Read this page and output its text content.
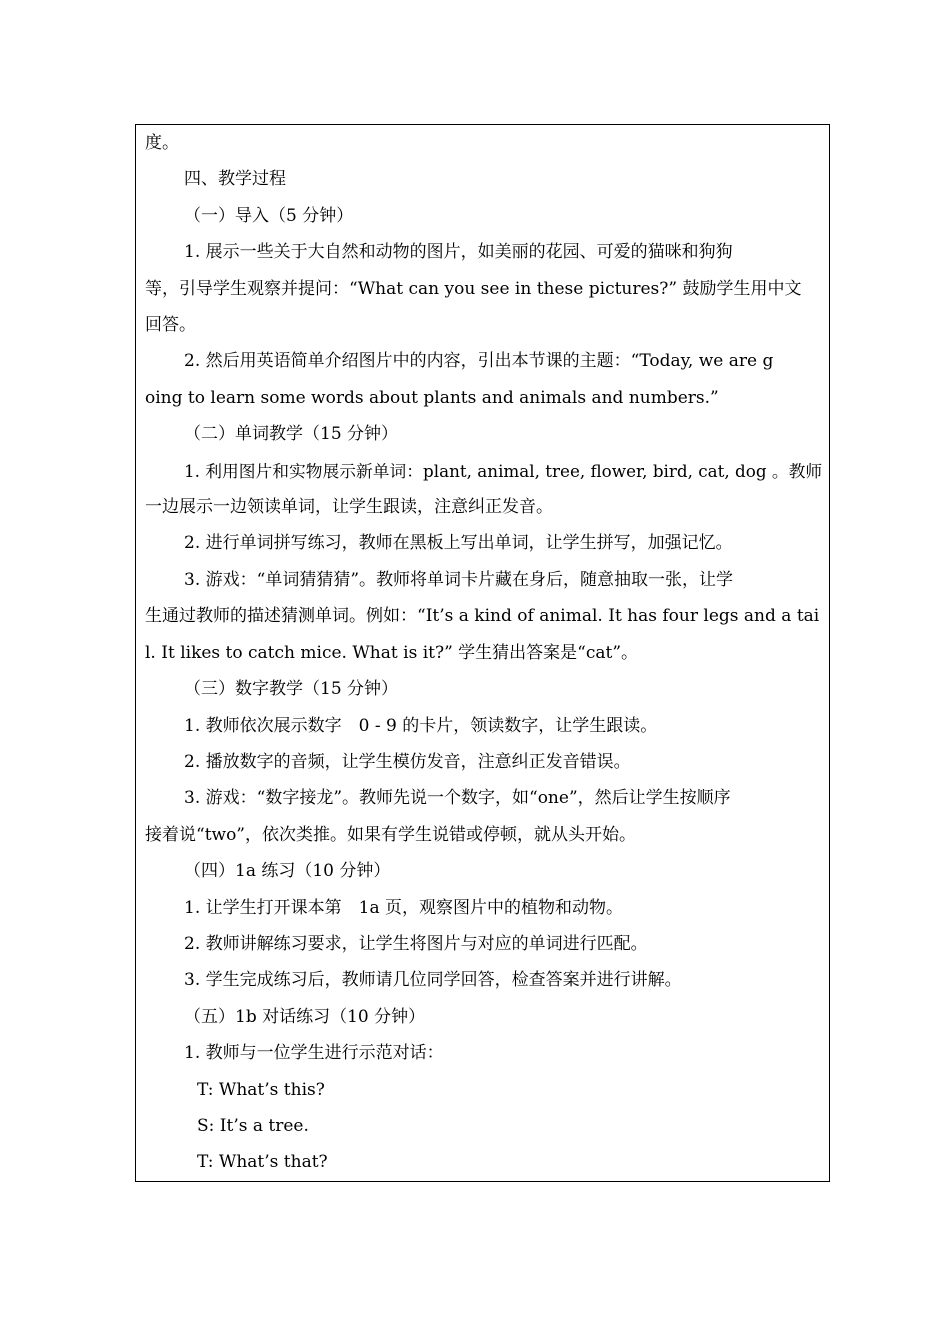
度。
四、教学过程
（一）导入（5 分钟）
1. 展示一些关于大自然和动物的图片，如美丽的花园、可爱的猫咪和狗狗
等，引导学生观察并提问：“What can you see in these pictures?” 鼓励学生用中文
回答。
2. 然后用英语简单介绍图片中的内容，引出本节课的主题：“Today, we are g
oing to learn some words about plants and animals and numbers.”
（二）单词教学（15 分钟）
1. 利用图片和实物展示新单词：plant, animal, tree, flower, bird, cat, dog 。教师
一边展示一边领读单词，让学生跟读，注意纠正发音。
2. 进行单词拼写练习，教师在黑板上写出单词，让学生拼写，加强记忆。
3. 游戏：“单词猜猜猜”。教师将单词卡片藏在身后，随意抽取一张，让学
生通过教师的描述猜测单词。例如：“It’s a kind of animal. It has four legs and a tai
l. It likes to catch mice. What is it?” 学生猜出答案是“cat”。
（三）数字教学（15 分钟）
1. 教师依次展示数字　0 - 9 的卡片，领读数字，让学生跟读。
2. 播放数字的音频，让学生模仿发音，注意纠正发音错误。
3. 游戏：“数字接龙”。教师先说一个数字，如“one”，然后让学生按顺序
接着说“two”，依次类推。如果有学生说错或停顿，就从头开始。
（四）1a 练习（10 分钟）
1. 让学生打开课本第　1a 页，观察图片中的植物和动物。
2. 教师讲解练习要求，让学生将图片与对应的单词进行匹配。
3. 学生完成练习后，教师请几位同学回答，检查答案并进行讲解。
（五）1b 对话练习（10 分钟）
1. 教师与一位学生进行示范对话：
T: What’s this?
S: It’s a tree.
T: What’s that?
